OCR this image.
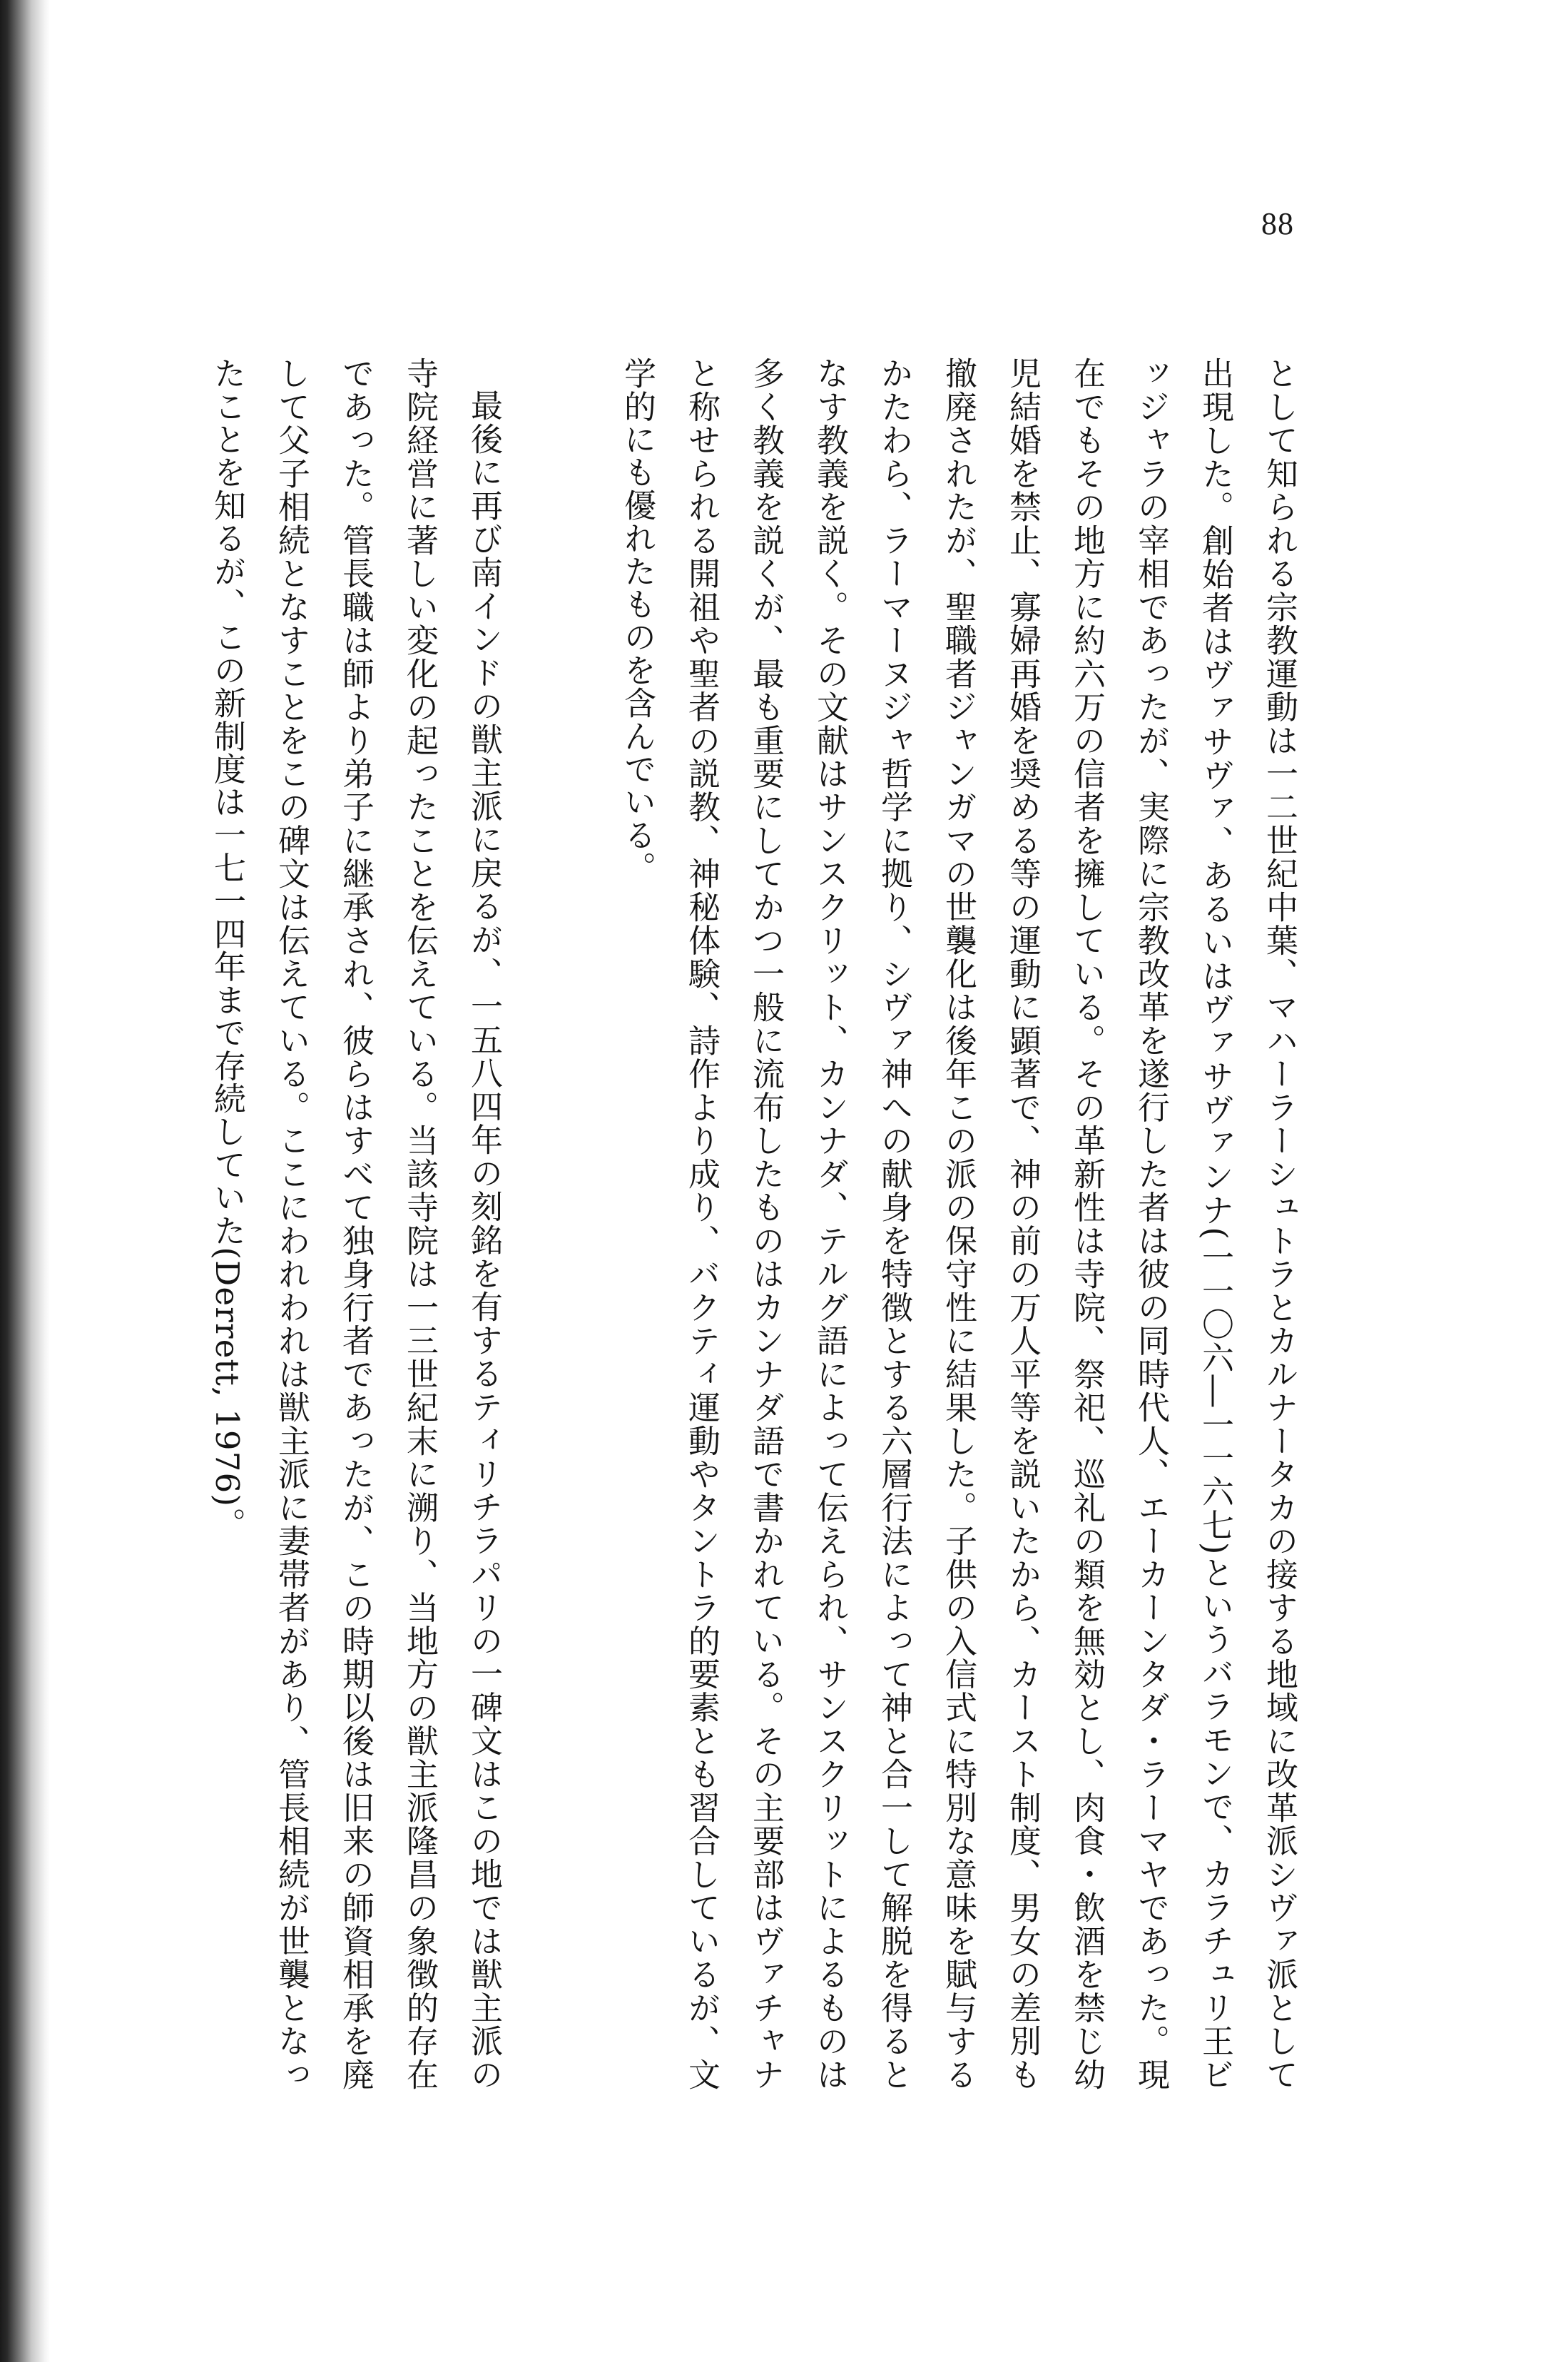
88

として知られる宗教運動は一二世紀中葉、マハーラーシュトラとカルナータカの接する地域に改革派シヴァ派として出現した。創始者はヴァサヴァ、あるいはヴァサヴァンナ(一一〇六―一一六七)というバラモンで、カラチュリ王ビッジャラの宰相であったが、実際に宗教改革を遂行した者は彼の同時代人、エーカーンタダ・ラーマヤであった。現在でもその地方に約六万の信者を擁している。その革新性は寺院、祭祀、巡礼の類を無効とし、肉食・飲酒を禁じ幼児結婚を禁止、寡婦再婚を奨める等の運動に顕著で、神の前の万人平等を説いたから、カースト制度、男女の差別も撤廃されたが、聖職者ジャンガマの世襲化は後年この派の保守性に結果した。子供の入信式に特別な意味を賦与するかたわら、ラーマーヌジャ哲学に拠り、シヴァ神への献身を特徴とする六層行法によって神と合一して解脱を得るとなす教義を説く。その文献はサンスクリット、カンナダ、テルグ語によって伝えられ、サンスクリットによるものは多く教義を説くが、最も重要にしてかつ一般に流布したものはカンナダ語で書かれている。その主要部はヴァチャナと称せられる開祖や聖者の説教、神秘体験、詩作より成り、バクティ運動やタントラ的要素とも習合しているが、文学的にも優れたものを含んでいる。

最後に再び南インドの獣主派に戻るが、一五八四年の刻銘を有するティリチラパリの一碑文はこの地では獣主派の寺院経営に著しい変化の起ったことを伝えている。当該寺院は一三世紀末に溯り、当地方の獣主派隆昌の象徴的存在であった。管長職は師より弟子に継承され、彼らはすべて独身行者であったが、この時期以後は旧来の師資相承を廃して父子相続となすことをこの碑文は伝えている。ここにわれわれは獣主派に妻帯者があり、管長相続が世襲となったことを知るが、この新制度は一七一四年まで存続していた(Derrett, 1976)。
